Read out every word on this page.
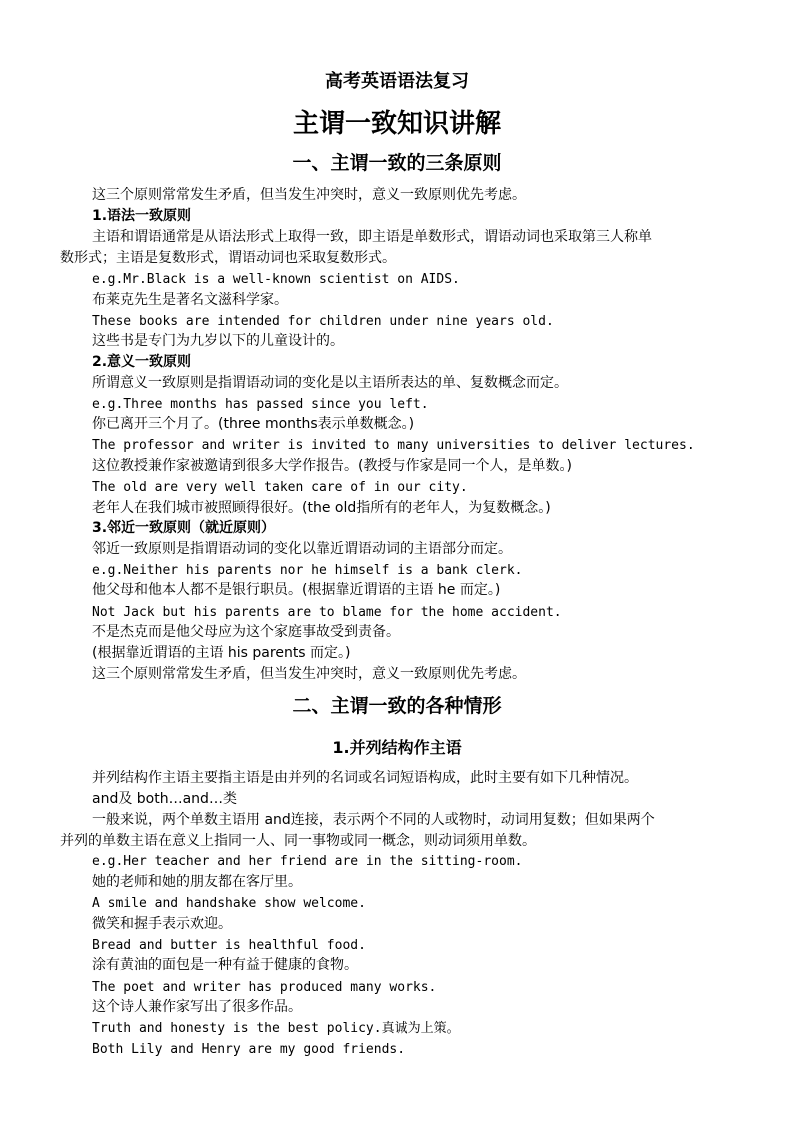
高考英语语法复习
主谓一致知识讲解
一、主谓一致的三条原则
这三个原则常常发生矛盾，但当发生冲突时，意义一致原则优先考虑。
1.语法一致原则
主语和谓语通常是从语法形式上取得一致，即主语是单数形式，谓语动词也采取第三人称单
数形式；主语是复数形式，谓语动词也采取复数形式。
e.g.Mr.Black is a well-known scientist on AIDS.
布莱克先生是著名文滋科学家。
These books are intended for children under nine years old.
这些书是专门为九岁以下的儿童设计的。
2.意义一致原则
所谓意义一致原则是指谓语动词的变化是以主语所表达的单、复数概念而定。
e.g.Three months has passed since you left.
你已离开三个月了。(three months表示单数概念。)
The professor and writer is invited to many universities to deliver lectures.
这位教授兼作家被邀请到很多大学作报告。(教授与作家是同一个人，是单数。)
The old are very well taken care of in our city.
老年人在我们城市被照顾得很好。(the old指所有的老年人，为复数概念。)
3.邻近一致原则（就近原则）
邻近一致原则是指谓语动词的变化以靠近谓语动词的主语部分而定。
e.g.Neither his parents nor he himself is a bank clerk.
他父母和他本人都不是银行职员。(根据靠近谓语的主语 he 而定。)
Not Jack but his parents are to blame for the home accident.
不是杰克而是他父母应为这个家庭事故受到责备。
(根据靠近谓语的主语 his parents 而定。)
这三个原则常常发生矛盾，但当发生冲突时，意义一致原则优先考虑。
二、主谓一致的各种情形
1.并列结构作主语
并列结构作主语主要指主语是由并列的名词或名词短语构成，此时主要有如下几种情况。
and及 both…and…类
一般来说，两个单数主语用 and连接，表示两个不同的人或物时，动词用复数；但如果两个
并列的单数主语在意义上指同一人、同一事物或同一概念，则动词须用单数。
e.g.Her teacher and her friend are in the sitting-room.
她的老师和她的朋友都在客厅里。
A smile and handshake show welcome.
微笑和握手表示欢迎。
Bread and butter is healthful food.
涂有黄油的面包是一种有益于健康的食物。
The poet and writer has produced many works.
这个诗人兼作家写出了很多作品。
Truth and honesty is the best policy.真诚为上策。
Both Lily and Henry are my good friends.
